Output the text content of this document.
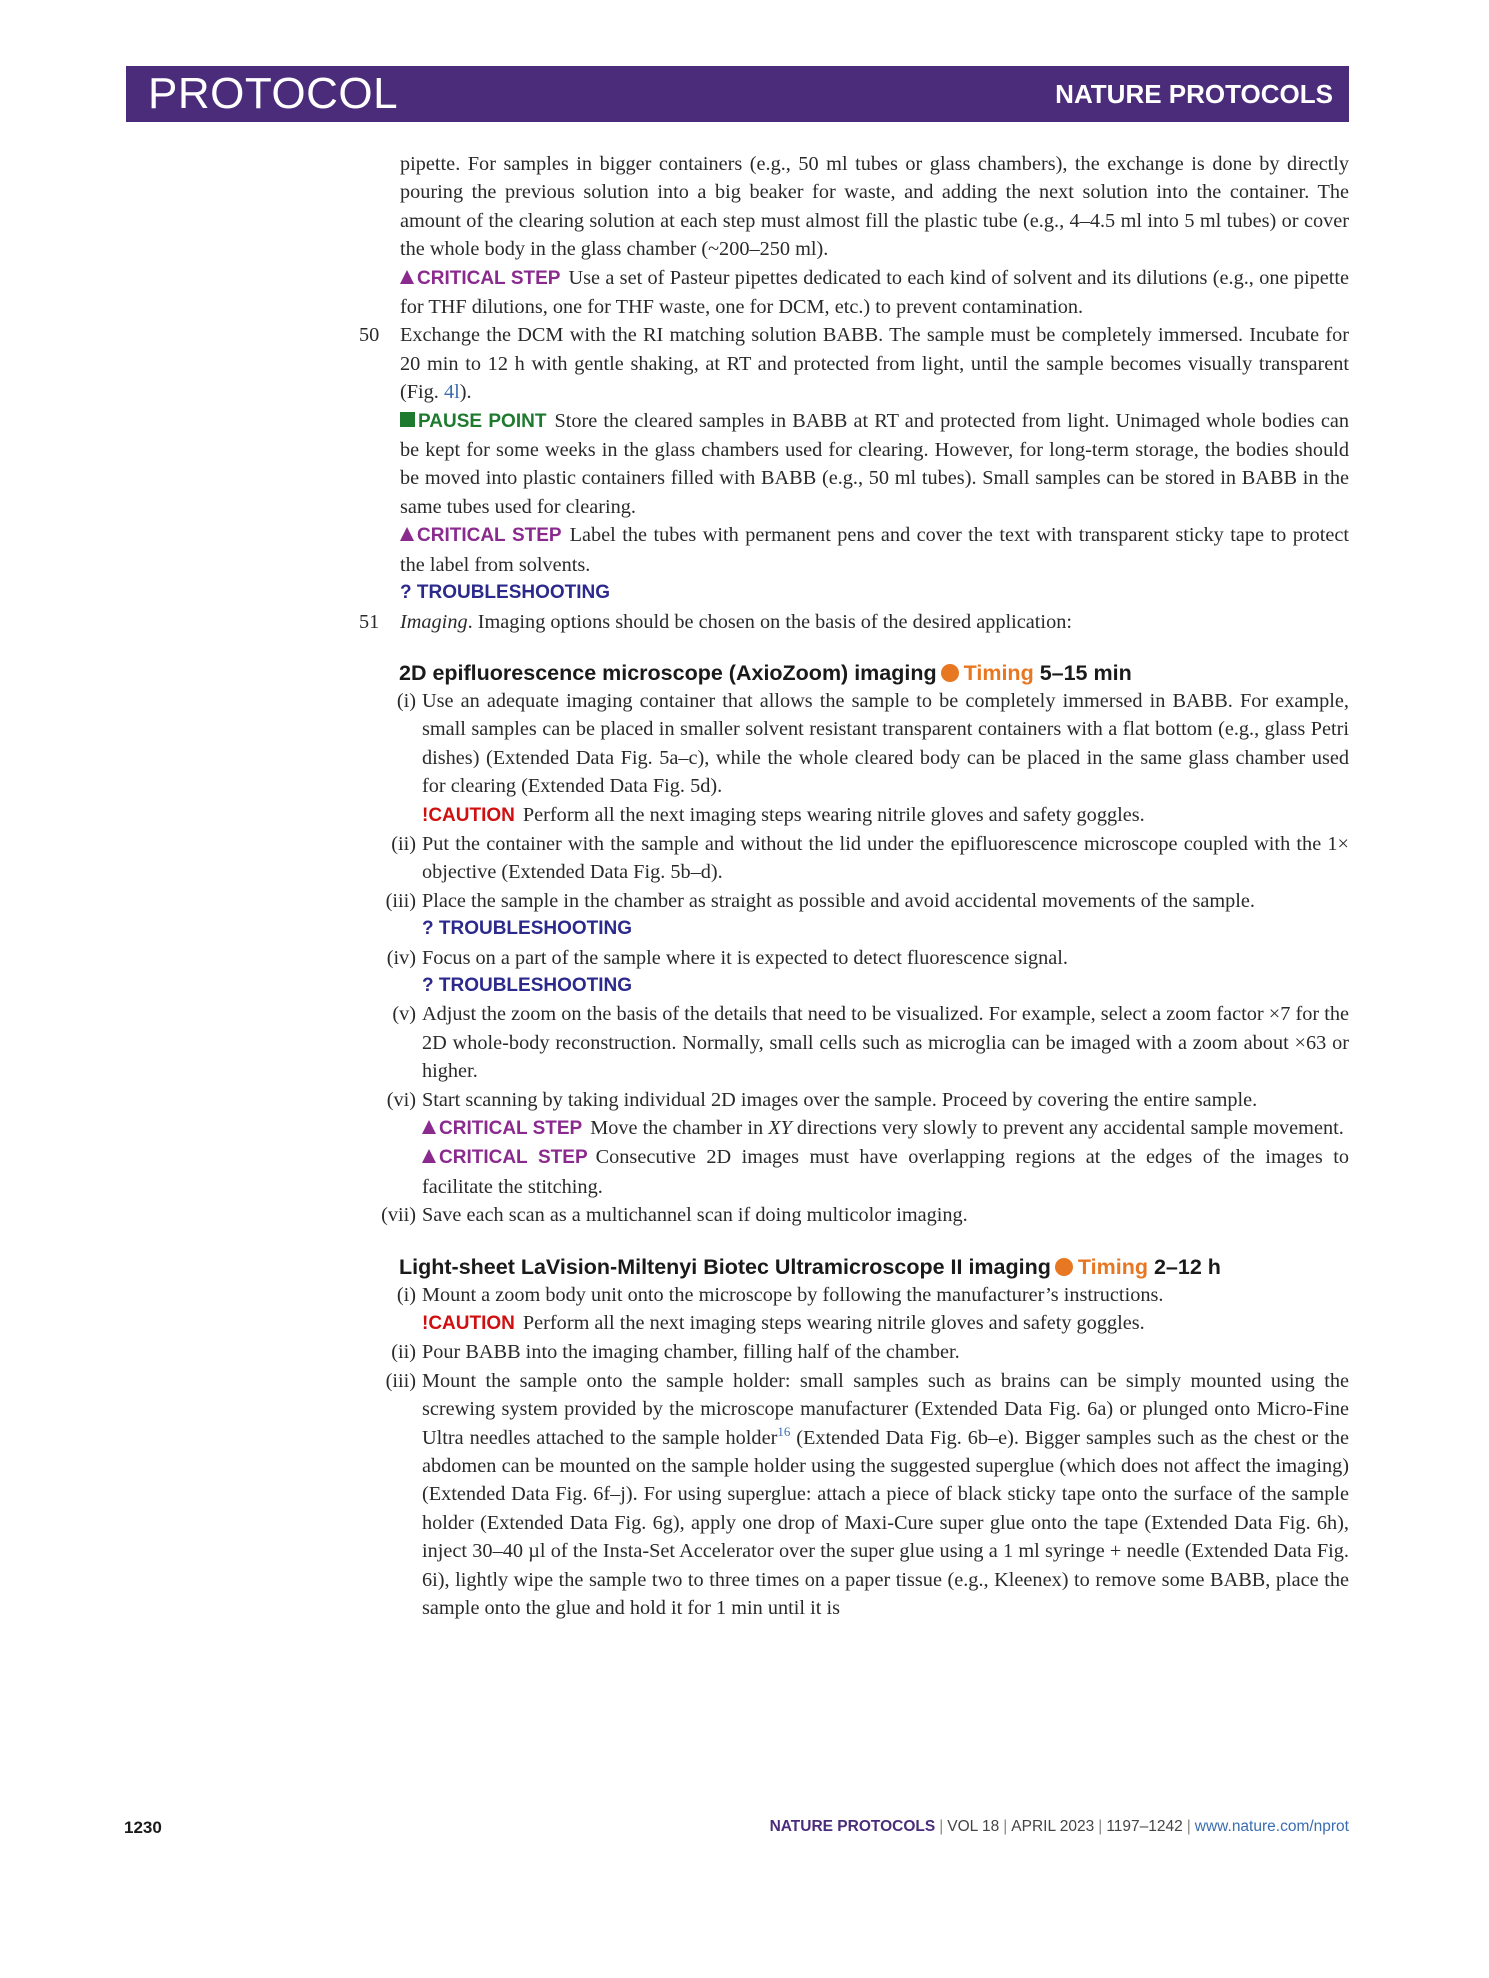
PROTOCOL	NATURE PROTOCOLS

pipette. For samples in bigger containers (e.g., 50 ml tubes or glass chambers), the exchange is done by directly pouring the previous solution into a big beaker for waste, and adding the next solution into the container. The amount of the clearing solution at each step must almost fill the plastic tube (e.g., 4–4.5 ml into 5 ml tubes) or cover the whole body in the glass chamber (~200–250 ml).

CRITICAL STEP Use a set of Pasteur pipettes dedicated to each kind of solvent and its dilutions (e.g., one pipette for THF dilutions, one for THF waste, one for DCM, etc.) to prevent contamination.

50 Exchange the DCM with the RI matching solution BABB. The sample must be completely immersed. Incubate for 20 min to 12 h with gentle shaking, at RT and protected from light, until the sample becomes visually transparent (Fig. 4l).

PAUSE POINT Store the cleared samples in BABB at RT and protected from light. Unimaged whole bodies can be kept for some weeks in the glass chambers used for clearing. However, for long-term storage, the bodies should be moved into plastic containers filled with BABB (e.g., 50 ml tubes). Small samples can be stored in BABB in the same tubes used for clearing.

CRITICAL STEP Label the tubes with permanent pens and cover the text with transparent sticky tape to protect the label from solvents.

? TROUBLESHOOTING
51 Imaging. Imaging options should be chosen on the basis of the desired application:

2D epifluorescence microscope (AxioZoom) imaging Timing 5–15 min
(i) Use an adequate imaging container that allows the sample to be completely immersed in BABB. For example, small samples can be placed in smaller solvent resistant transparent containers with a flat bottom (e.g., glass Petri dishes) (Extended Data Fig. 5a–c), while the whole cleared body can be placed in the same glass chamber used for clearing (Extended Data Fig. 5d).

!CAUTION Perform all the next imaging steps wearing nitrile gloves and safety goggles.

(ii) Put the container with the sample and without the lid under the epifluorescence microscope coupled with the 1× objective (Extended Data Fig. 5b–d).

(iii) Place the sample in the chamber as straight as possible and avoid accidental movements of the sample.

? TROUBLESHOOTING
(iv) Focus on a part of the sample where it is expected to detect fluorescence signal.

? TROUBLESHOOTING
(v) Adjust the zoom on the basis of the details that need to be visualized. For example, select a zoom factor ×7 for the 2D whole-body reconstruction. Normally, small cells such as microglia can be imaged with a zoom about ×63 or higher.

(vi) Start scanning by taking individual 2D images over the sample. Proceed by covering the entire sample.

CRITICAL STEP Move the chamber in XY directions very slowly to prevent any accidental sample movement.

CRITICAL STEP Consecutive 2D images must have overlapping regions at the edges of the images to facilitate the stitching.

(vii) Save each scan as a multichannel scan if doing multicolor imaging.

Light-sheet LaVision-Miltenyi Biotec Ultramicroscope II imaging Timing 2–12 h
(i) Mount a zoom body unit onto the microscope by following the manufacturer’s instructions.

!CAUTION Perform all the next imaging steps wearing nitrile gloves and safety goggles.

(ii) Pour BABB into the imaging chamber, filling half of the chamber.

(iii) Mount the sample onto the sample holder: small samples such as brains can be simply mounted using the screwing system provided by the microscope manufacturer (Extended Data Fig. 6a) or plunged onto Micro-Fine Ultra needles attached to the sample holder$^{16}$ (Extended Data Fig. 6b–e). Bigger samples such as the chest or the abdomen can be mounted on the sample holder using the suggested superglue (which does not affect the imaging) (Extended Data Fig. 6f–j). For using superglue: attach a piece of black sticky tape onto the surface of the sample holder (Extended Data Fig. 6g), apply one drop of Maxi-Cure super glue onto the tape (Extended Data Fig. 6h), inject 30–40 µl of the Insta-Set Accelerator over the super glue using a 1 ml syringe + needle (Extended Data Fig. 6i), lightly wipe the sample two to three times on a paper tissue (e.g., Kleenex) to remove some BABB, place the sample onto the glue and hold it for 1 min until it is

1230	NATURE PROTOCOLS | VOL 18 | APRIL 2023 | 1197–1242 | www.nature.com/nprot
